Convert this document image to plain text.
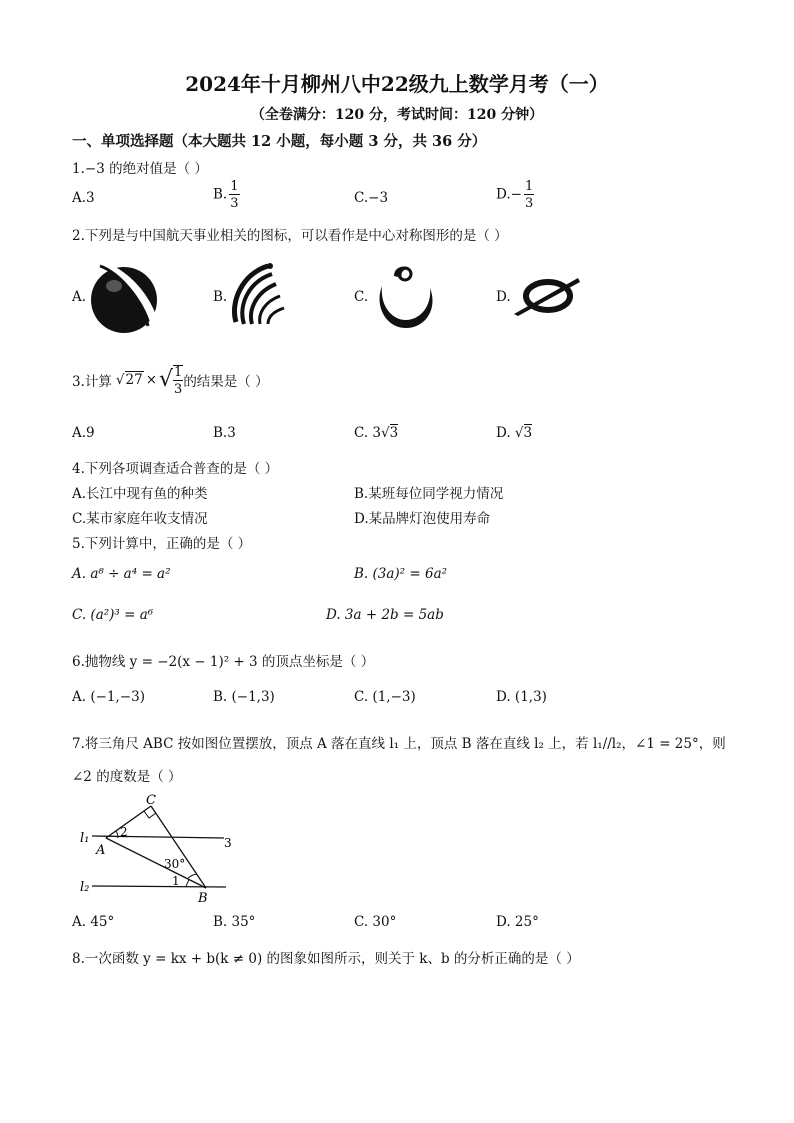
2024年十月柳州八中22级九上数学月考（一）
（全卷满分：120 分，考试时间：120 分钟）
一、单项选择题（本大题共 12 小题，每小题 3 分，共 36 分）
1.−3 的绝对值是（ ）
A.3	B. $\frac{1}{3}$	C.−3	$D.- \frac{1}{3}$
2.下列是与中国航天事业相关的图标，可以看作是中心对称图形的是（ ）
A.	B.	C.	D.
3.计算 √27 × √ $\frac{1}{3}$ 的结果是（ ）
A.9	B.3	C. 3√3	D. √3
4.下列各项调查适合普查的是（ ）
A.长江中现有鱼的种类	B.某班每位同学视力情况
C.某市家庭年收支情况	D.某品牌灯泡使用寿命
5.下列计算中，正确的是（ ）
A. a⁸ ÷ a⁴ = a²	B. (3a)² = 6a²
C. (a²)³ = a⁶	D. 3a + 2b = 5ab
6.抛物线 y = −2(x − 1)² + 3 的顶点坐标是（ ）
A. (−1,−3)	B. (−1,3)	C. (1,−3)	D. (1,3)
7.将三角尺 ABC 按如图位置摆放，顶点 A 落在直线 l₁ 上，顶点 B 落在直线 l₂ 上，若 l₁//l₂，∠1 = 25°，则
∠2 的度数是（ ）
C
l₁	2
A	3
30°
1
l₂
B
A. 45°	B. 35°	C. 30°	D. 25°
8.一次函数 y = kx + b(k ≠ 0) 的图象如图所示，则关于 k、b 的分析正确的是（ ）
